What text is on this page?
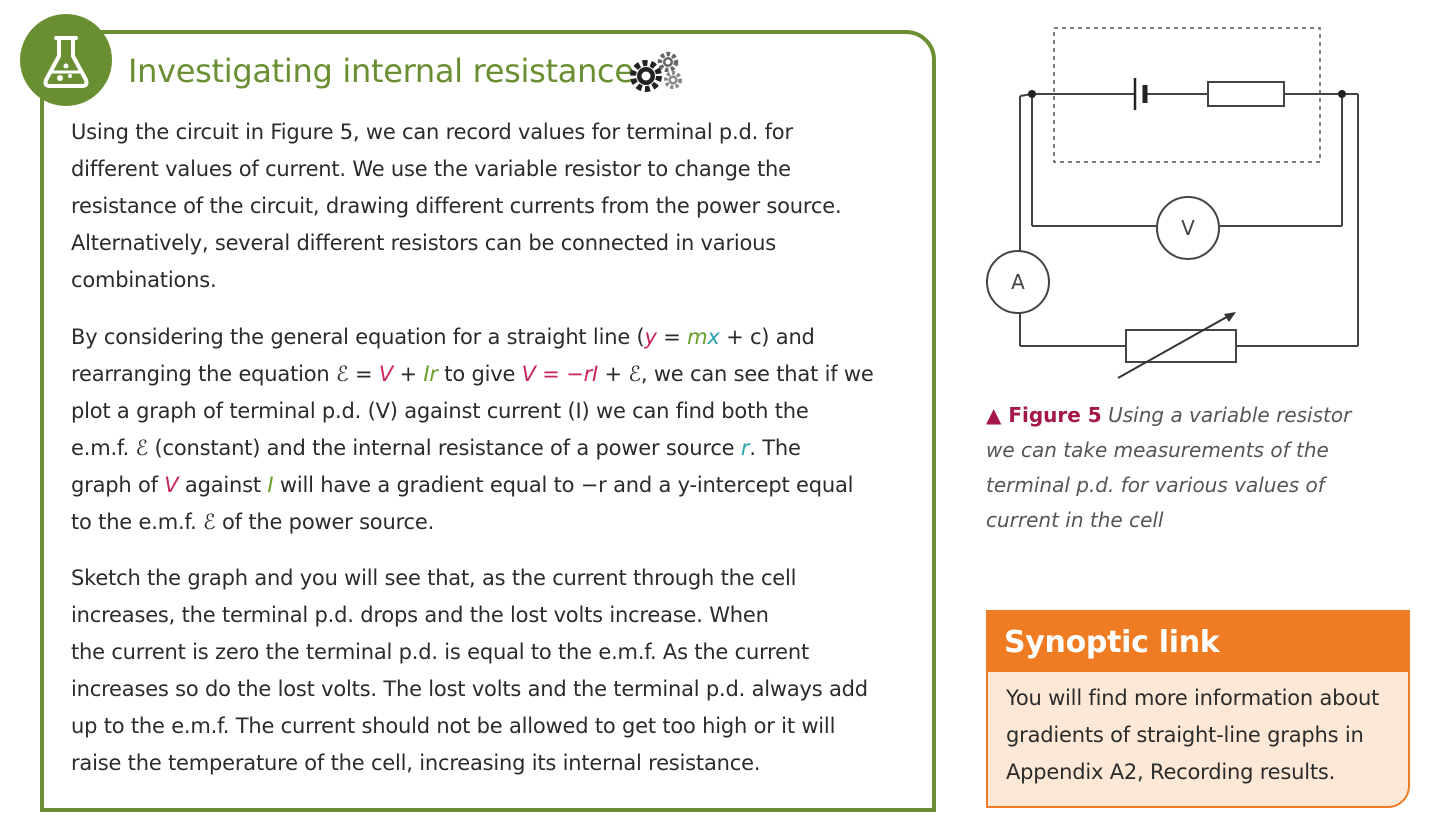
Investigating internal resistance
Using the circuit in Figure 5, we can record values for terminal p.d. for
different values of current. We use the variable resistor to change the
resistance of the circuit, drawing different currents from the power source.
Alternatively, several different resistors can be connected in various
combinations.
By considering the general equation for a straight line (y = mx + c) and
rearranging the equation ℰ = V + Ir to give V = −rI + ℰ, we can see that if we
plot a graph of terminal p.d. (V) against current (I) we can find both the
e.m.f. ℰ (constant) and the internal resistance of a power source r. The
graph of V against I will have a gradient equal to −r and a y-intercept equal
to the e.m.f. ℰ of the power source.
Sketch the graph and you will see that, as the current through the cell
increases, the terminal p.d. drops and the lost volts increase. When
the current is zero the terminal p.d. is equal to the e.m.f. As the current
increases so do the lost volts. The lost volts and the terminal p.d. always add
up to the e.m.f. The current should not be allowed to get too high or it will
raise the temperature of the cell, increasing its internal resistance.
V
A
▲ Figure 5 Using a variable resistor
we can take measurements of the
terminal p.d. for various values of
current in the cell
Synoptic link
You will find more information about
gradients of straight-line graphs in
Appendix A2, Recording results.
